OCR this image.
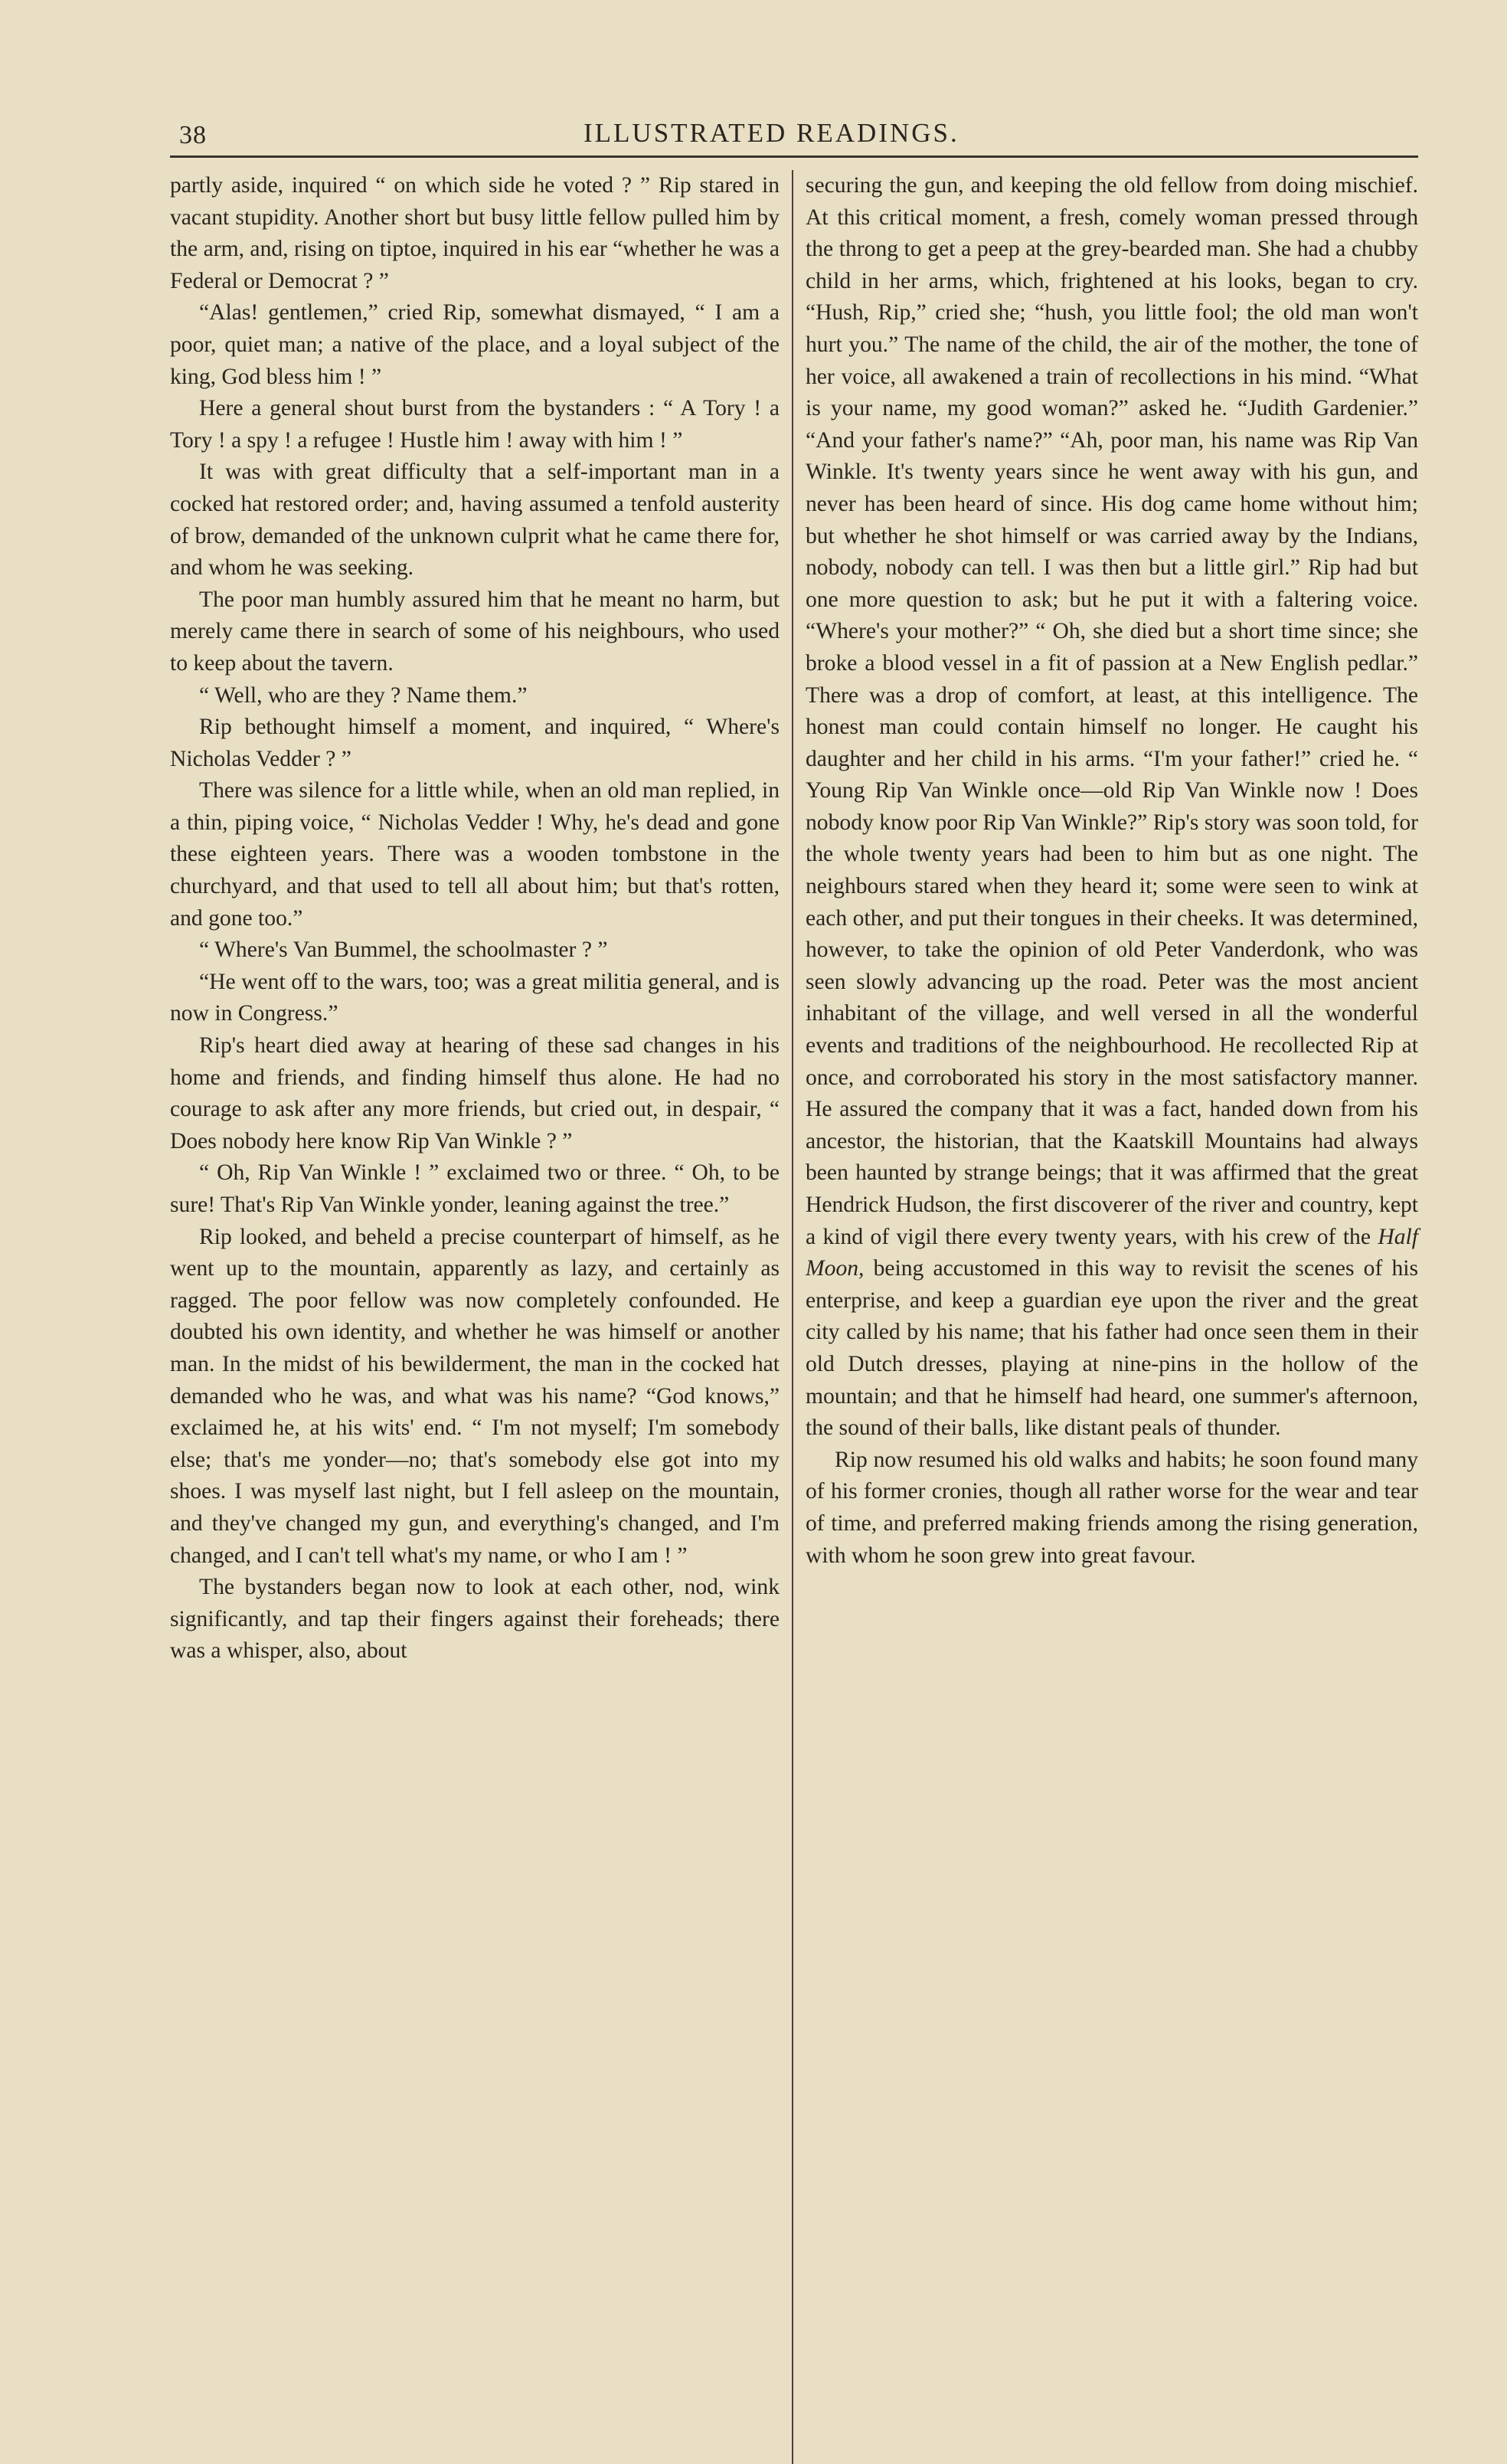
38	ILLUSTRATED READINGS.

partly aside, inquired “ on which side he voted ? ” Rip stared in vacant stupidity. Another short but busy little fellow pulled him by the arm, and, rising on tiptoe, inquired in his ear “whether he was a Federal or Democrat ? ”

“Alas! gentlemen,” cried Rip, somewhat dismayed, “ I am a poor, quiet man; a native of the place, and a loyal subject of the king, God bless him ! ”

Here a general shout burst from the bystanders : “ A Tory ! a Tory ! a spy ! a refugee ! Hustle him ! away with him ! ”

It was with great difficulty that a self-important man in a cocked hat restored order; and, having assumed a tenfold austerity of brow, demanded of the unknown culprit what he came there for, and whom he was seeking.

The poor man humbly assured him that he meant no harm, but merely came there in search of some of his neighbours, who used to keep about the tavern.

“ Well, who are they ? Name them.”

Rip bethought himself a moment, and inquired, “ Where's Nicholas Vedder ? ”

There was silence for a little while, when an old man replied, in a thin, piping voice, “ Nicholas Vedder ! Why, he's dead and gone these eighteen years. There was a wooden tombstone in the churchyard, and that used to tell all about him; but that's rotten, and gone too.”

“ Where's Van Bummel, the schoolmaster ? ”

“He went off to the wars, too; was a great militia general, and is now in Congress.”

Rip's heart died away at hearing of these sad changes in his home and friends, and finding himself thus alone. He had no courage to ask after any more friends, but cried out, in despair, “ Does nobody here know Rip Van Winkle ? ”

“ Oh, Rip Van Winkle ! ” exclaimed two or three. “ Oh, to be sure! That's Rip Van Winkle yonder, leaning against the tree.”

Rip looked, and beheld a precise counterpart of himself, as he went up to the mountain, apparently as lazy, and certainly as ragged. The poor fellow was now completely confounded. He doubted his own identity, and whether he was himself or another man. In the midst of his bewilderment, the man in the cocked hat demanded who he was, and what was his name? “God knows,” exclaimed he, at his wits' end. “ I'm not myself; I'm somebody else; that's me yonder—no; that's somebody else got into my shoes. I was myself last night, but I fell asleep on the mountain, and they've changed my gun, and everything's changed, and I'm changed, and I can't tell what's my name, or who I am ! ”

The bystanders began now to look at each other, nod, wink significantly, and tap their fingers against their foreheads; there was a whisper, also, about

securing the gun, and keeping the old fellow from doing mischief. At this critical moment, a fresh, comely woman pressed through the throng to get a peep at the grey-bearded man. She had a chubby child in her arms, which, frightened at his looks, began to cry. “Hush, Rip,” cried she; “hush, you little fool; the old man won't hurt you.” The name of the child, the air of the mother, the tone of her voice, all awakened a train of recollections in his mind. “What is your name, my good woman?” asked he. “Judith Gardenier.” “And your father's name?” “Ah, poor man, his name was Rip Van Winkle. It's twenty years since he went away with his gun, and never has been heard of since. His dog came home without him; but whether he shot himself or was carried away by the Indians, nobody, nobody can tell. I was then but a little girl.” Rip had but one more question to ask; but he put it with a faltering voice. “Where's your mother?” “ Oh, she died but a short time since; she broke a blood vessel in a fit of passion at a New English pedlar.” There was a drop of comfort, at least, at this intelligence. The honest man could contain himself no longer. He caught his daughter and her child in his arms. “I'm your father!” cried he. “ Young Rip Van Winkle once—old Rip Van Winkle now ! Does nobody know poor Rip Van Winkle?” Rip's story was soon told, for the whole twenty years had been to him but as one night. The neighbours stared when they heard it; some were seen to wink at each other, and put their tongues in their cheeks. It was determined, however, to take the opinion of old Peter Vanderdonk, who was seen slowly advancing up the road. Peter was the most ancient inhabitant of the village, and well versed in all the wonderful events and traditions of the neighbourhood. He recollected Rip at once, and corroborated his story in the most satisfactory manner. He assured the company that it was a fact, handed down from his ancestor, the historian, that the Kaatskill Mountains had always been haunted by strange beings; that it was affirmed that the great Hendrick Hudson, the first discoverer of the river and country, kept a kind of vigil there every twenty years, with his crew of the Half Moon, being accustomed in this way to revisit the scenes of his enterprise, and keep a guardian eye upon the river and the great city called by his name; that his father had once seen them in their old Dutch dresses, playing at nine-pins in the hollow of the mountain; and that he himself had heard, one summer's afternoon, the sound of their balls, like distant peals of thunder.

Rip now resumed his old walks and habits; he soon found many of his former cronies, though all rather worse for the wear and tear of time, and preferred making friends among the rising generation, with whom he soon grew into great favour.
